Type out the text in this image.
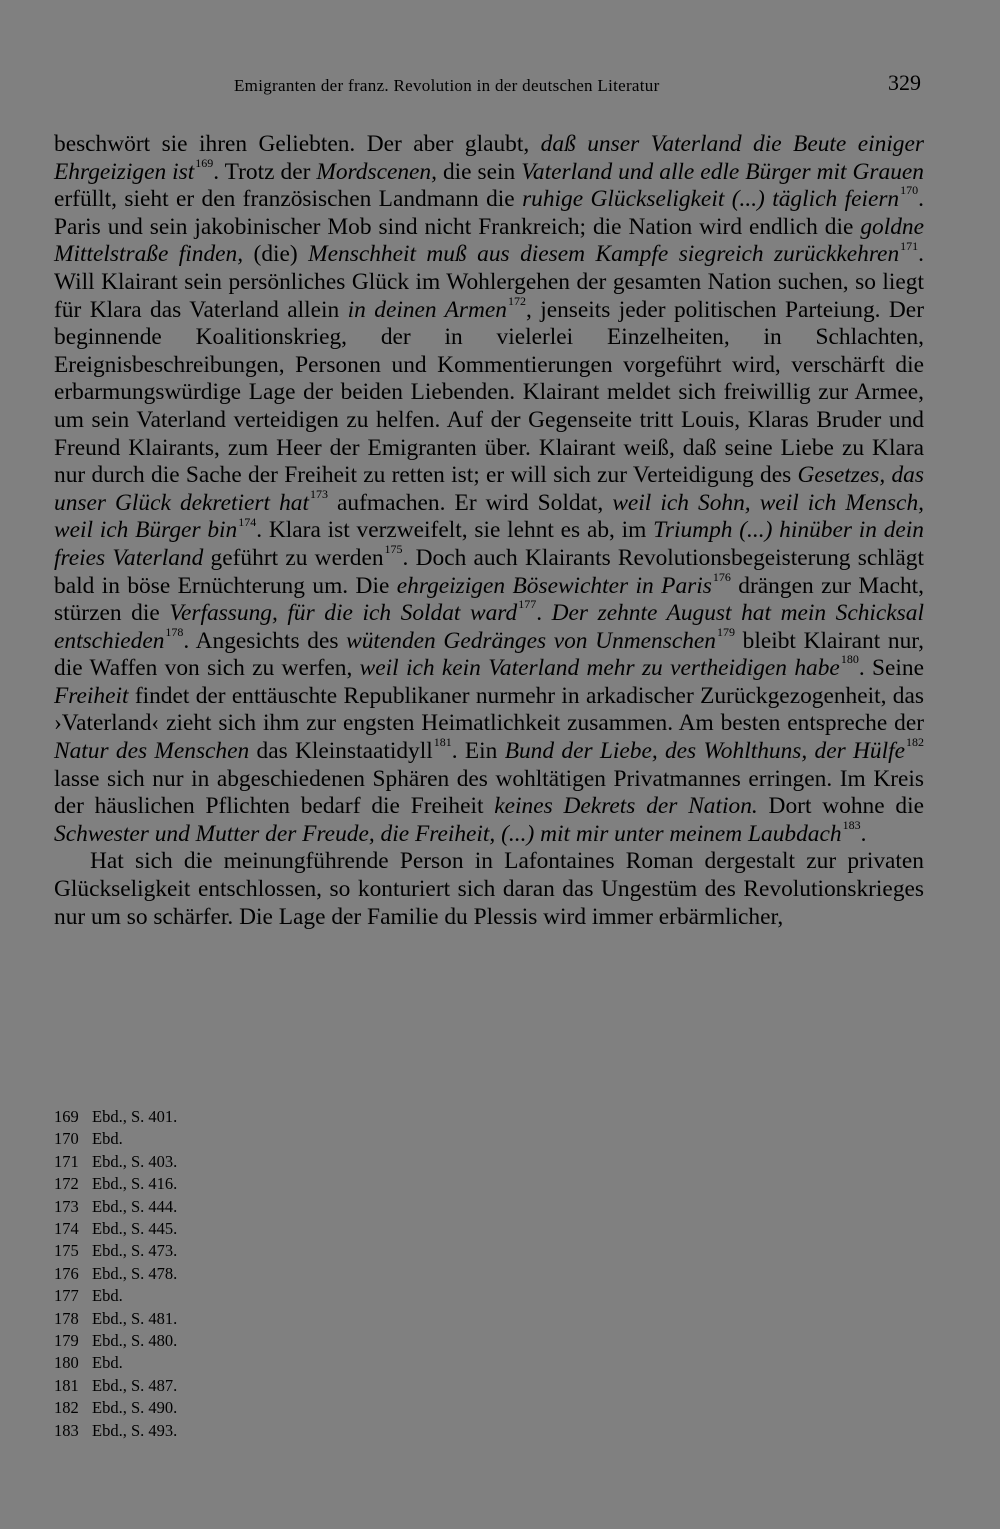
Emigranten der franz. Revolution in der deutschen Literatur	329

beschwört sie ihren Geliebten. Der aber glaubt, daß unser Vaterland die Beute einiger Ehrgeizigen ist$^{169}$. Trotz der Mordscenen, die sein Vaterland und alle edle Bürger mit Grauen erfüllt, sieht er den französischen Landmann die ruhige Glückseligkeit (...) täglich feiern$^{170}$. Paris und sein jakobinischer Mob sind nicht Frankreich; die Nation wird endlich die goldne Mittelstraße finden, (die) Menschheit muß aus diesem Kampfe siegreich zurückkehren$^{171}$. Will Klairant sein persönliches Glück im Wohlergehen der gesamten Nation suchen, so liegt für Klara das Vaterland allein in deinen Armen$^{172}$, jenseits jeder politischen Parteiung. Der beginnende Koalitionskrieg, der in vielerlei Einzelheiten, in Schlachten, Ereignisbeschreibungen, Personen und Kommentierungen vorgeführt wird, verschärft die erbarmungswürdige Lage der beiden Liebenden. Klairant meldet sich freiwillig zur Armee, um sein Vaterland verteidigen zu helfen. Auf der Gegenseite tritt Louis, Klaras Bruder und Freund Klairants, zum Heer der Emigranten über. Klairant weiß, daß seine Liebe zu Klara nur durch die Sache der Freiheit zu retten ist; er will sich zur Verteidigung des Gesetzes, das unser Glück dekretiert hat$^{173}$ aufmachen. Er wird Soldat, weil ich Sohn, weil ich Mensch, weil ich Bürger bin$^{174}$. Klara ist verzweifelt, sie lehnt es ab, im Triumph (...) hinüber in dein freies Vaterland geführt zu werden$^{175}$. Doch auch Klairants Revolutionsbegeisterung schlägt bald in böse Ernüchterung um. Die ehrgeizigen Bösewichter in Paris$^{176}$ drängen zur Macht, stürzen die Verfassung, für die ich Soldat ward$^{177}$. Der zehnte August hat mein Schicksal entschieden$^{178}$. Angesichts des wütenden Gedränges von Unmenschen$^{179}$ bleibt Klairant nur, die Waffen von sich zu werfen, weil ich kein Vaterland mehr zu vertheidigen habe$^{180}$. Seine Freiheit findet der enttäuschte Republikaner nurmehr in arkadischer Zurückgezogenheit, das ›Vaterland‹ zieht sich ihm zur engsten Heimatlichkeit zusammen. Am besten entspreche der Natur des Menschen das Kleinstaatidyll$^{181}$. Ein Bund der Liebe, des Wohlthuns, der Hülfe$^{182}$ lasse sich nur in abgeschiedenen Sphären des wohltätigen Privatmannes erringen. Im Kreis der häuslichen Pflichten bedarf die Freiheit keines Dekrets der Nation. Dort wohne die Schwester und Mutter der Freude, die Freiheit, (...) mit mir unter meinem Laubdach$^{183}$.

Hat sich die meinungführende Person in Lafontaines Roman dergestalt zur privaten Glückseligkeit entschlossen, so konturiert sich daran das Ungestüm des Revolutionskrieges nur um so schärfer. Die Lage der Familie du Plessis wird immer erbärmlicher,

169 Ebd., S. 401.
170 Ebd.
171 Ebd., S. 403.
172 Ebd., S. 416.
173 Ebd., S. 444.
174 Ebd., S. 445.
175 Ebd., S. 473.
176 Ebd., S. 478.
177 Ebd.
178 Ebd., S. 481.
179 Ebd., S. 480.
180 Ebd.
181 Ebd., S. 487.
182 Ebd., S. 490.
183 Ebd., S. 493.
